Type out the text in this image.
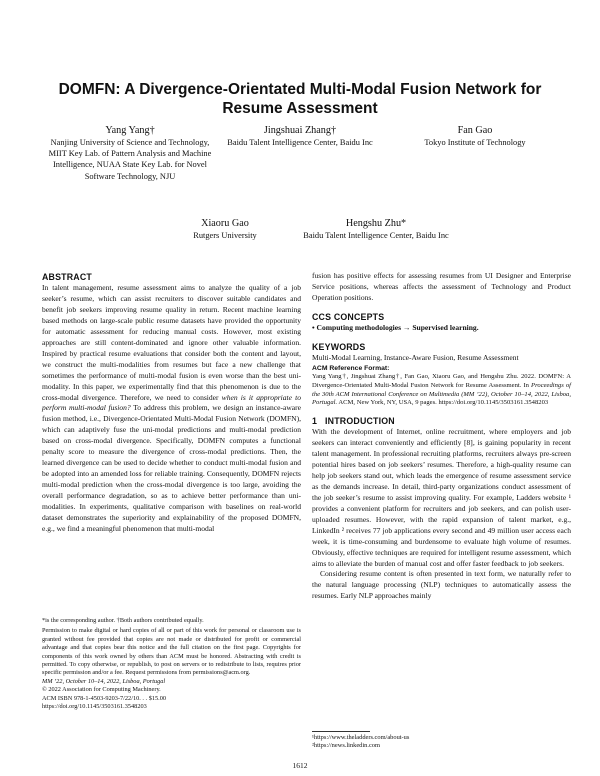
DOMFN: A Divergence-Orientated Multi-Modal Fusion Network for Resume Assessment
Yang Yang†
Nanjing University of Science and Technology, MIIT Key Lab. of Pattern Analysis and Machine Intelligence, NUAA State Key Lab. for Novel Software Technology, NJU
Jingshuai Zhang†
Baidu Talent Intelligence Center, Baidu Inc
Fan Gao
Tokyo Institute of Technology
Xiaoru Gao
Rutgers University
Hengshu Zhu*
Baidu Talent Intelligence Center, Baidu Inc
ABSTRACT

In talent management, resume assessment aims to analyze the quality of a job seeker’s resume, which can assist recruiters to discover suitable candidates and benefit job seekers improving resume quality in return. Recent machine learning based methods on large-scale public resume datasets have provided the opportunity for automatic assessment for reducing manual costs. However, most existing approaches are still content-dominated and ignore other valuable information. Inspired by practical resume evaluations that consider both the content and layout, we construct the multi-modalities from resumes but face a new challenge that sometimes the performance of multi-modal fusion is even worse than the best uni-modality. In this paper, we experimentally find that this phenomenon is due to the cross-modal divergence. Therefore, we need to consider when is it appropriate to perform multi-modal fusion? To address this problem, we design an instance-aware fusion method, i.e., Divergence-Orientated Multi-Modal Fusion Network (DOMFN), which can adaptively fuse the uni-modal predictions and multi-modal prediction based on cross-modal divergence. Specifically, DOMFN computes a functional penalty score to measure the divergence of cross-modal predictions. Then, the learned divergence can be used to decide whether to conduct multi-modal fusion and be adopted into an amended loss for reliable training. Consequently, DOMFN rejects multi-modal prediction when the cross-modal divergence is too large, avoiding the overall performance degradation, so as to achieve better performance than uni-modalities. In experiments, qualitative comparison with baselines on real-world dataset demonstrates the superiority and explainability of the proposed DOMFN, e.g., we find a meaningful phenomenon that multi-modal

*is the corresponding author. †Both authors contributed equally.

Permission to make digital or hard copies of all or part of this work for personal or classroom use is granted without fee provided that copies are not made or distributed for profit or commercial advantage and that copies bear this notice and the full citation on the first page. Copyrights for components of this work owned by others than ACM must be honored. Abstracting with credit is permitted. To copy otherwise, or republish, to post on servers or to redistribute to lists, requires prior specific permission and/or a fee. Request permissions from permissions@acm.org.

MM ’22, October 10–14, 2022, Lisboa, Portugal

© 2022 Association for Computing Machinery.

ACM ISBN 978-1-4503-9203-7/22/10. . . $15.00

https://doi.org/10.1145/3503161.3548203

fusion has positive effects for assessing resumes from UI Designer and Enterprise Service positions, whereas affects the assessment of Technology and Product Operation positions.

CCS CONCEPTS

• Computing methodologies → Supervised learning.

KEYWORDS

Multi-Modal Learning, Instance-Aware Fusion, Resume Assessment

ACM Reference Format:

Yang Yang†, Jingshuai Zhang†, Fan Gao, Xiaoru Gao, and Hengshu Zhu. 2022. DOMFN: A Divergence-Orientated Multi-Modal Fusion Network for Resume Assessment. In Proceedings of the 30th ACM International Conference on Multimedia (MM ’22), October 10–14, 2022, Lisboa, Portugal. ACM, New York, NY, USA, 9 pages. https://doi.org/10.1145/3503161.3548203

1   INTRODUCTION

With the development of Internet, online recruitment, where employers and job seekers can interact conveniently and efficiently [8], is gaining popularity in recent talent management. In professional recruiting platforms, recruiters always pre-screen potential hires based on job seekers’ resumes. Therefore, a high-quality resume can help job seekers stand out, which leads the emergence of resume assessment service as the demands increase. In detail, third-party organizations conduct assessment of the job seeker’s resume to assist improving quality. For example, Ladders website ¹ provides a convenient platform for recruiters and job seekers, and can polish user-uploaded resumes. However, with the rapid expansion of talent market, e.g., LinkedIn ² receives 77 job applications every second and 49 million user access each week, it is time-consuming and burdensome to evaluate high volume of resumes. Obviously, effective techniques are required for intelligent resume assessment, which aims to alleviate the burden of manual cost and offer faster feedback to job seekers.

Considering resume content is often presented in text form, we naturally refer to the natural language processing (NLP) techniques to automatically assess the resumes. Early NLP approaches mainly

¹https://www.theladders.com/about-us

²https://news.linkedin.com

1612
